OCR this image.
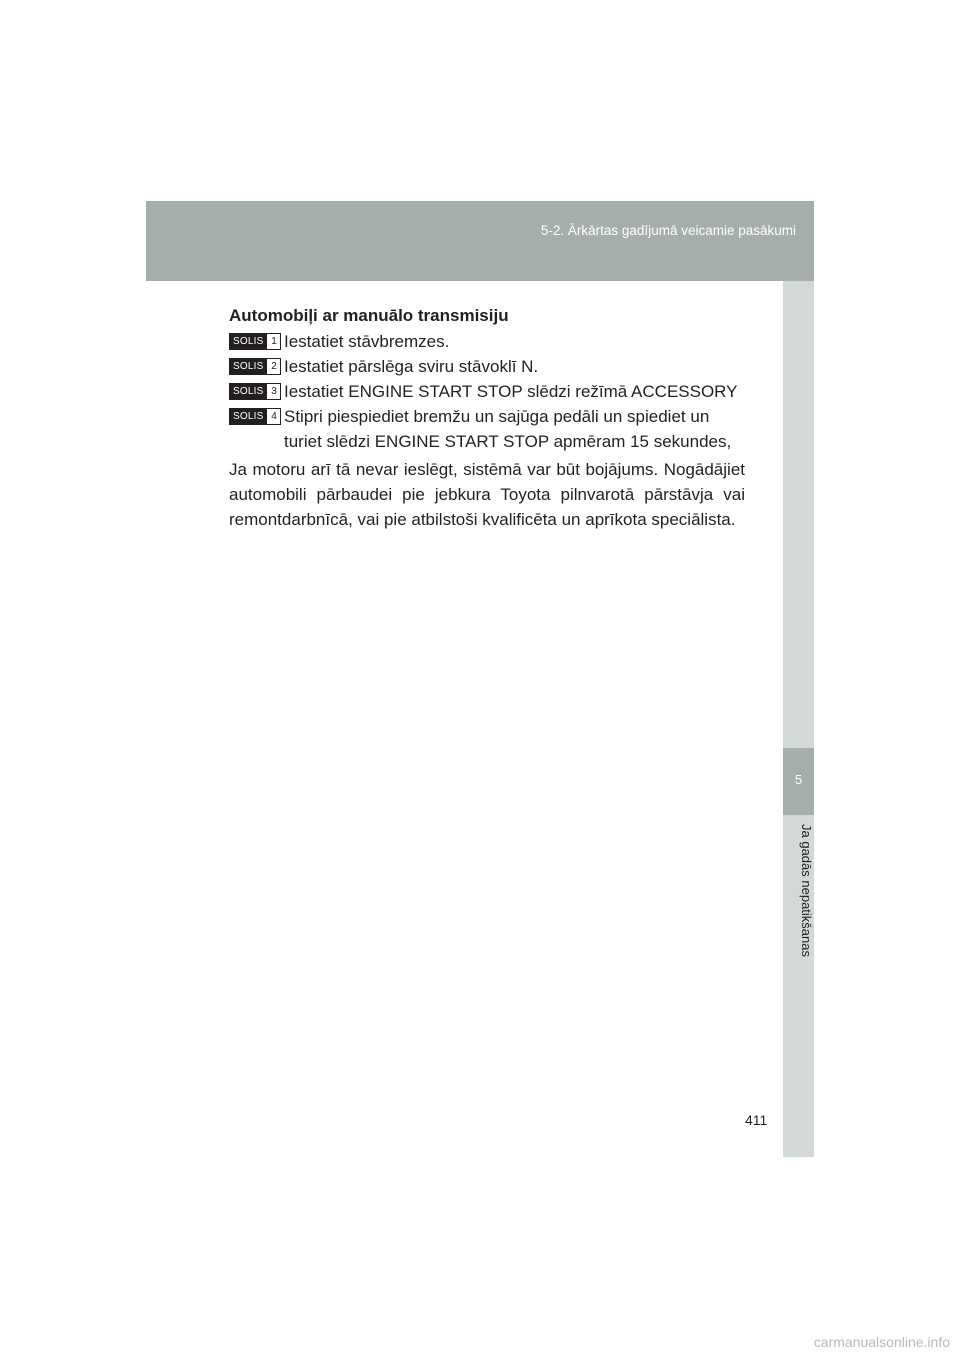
5-2. Ārkārtas gadījumā veicamie pasākumi
5
Ja gadās nepatikšanas

Automobiļi ar manuālo transmisiju

SOLIS 1 Iestatiet stāvbremzes.

SOLIS 2 Iestatiet pārslēga sviru stāvoklī N.

SOLIS 3 Iestatiet ENGINE START STOP slēdzi režīmā ACCESSORY

SOLIS 4 Stipri piespiediet bremžu un sajūga pedāli un spiediet un turiet slēdzi ENGINE START STOP apmēram 15 sekundes,

Ja motoru arī tā nevar ieslēgt, sistēmā var būt bojājums. Nogādājiet automobili pārbaudei pie jebkura Toyota pilnvarotā pārstāvja vai remontdarbnīcā, vai pie atbilstoši kvalificēta un aprīkota speciālista.

411
carmanualsonline.info
